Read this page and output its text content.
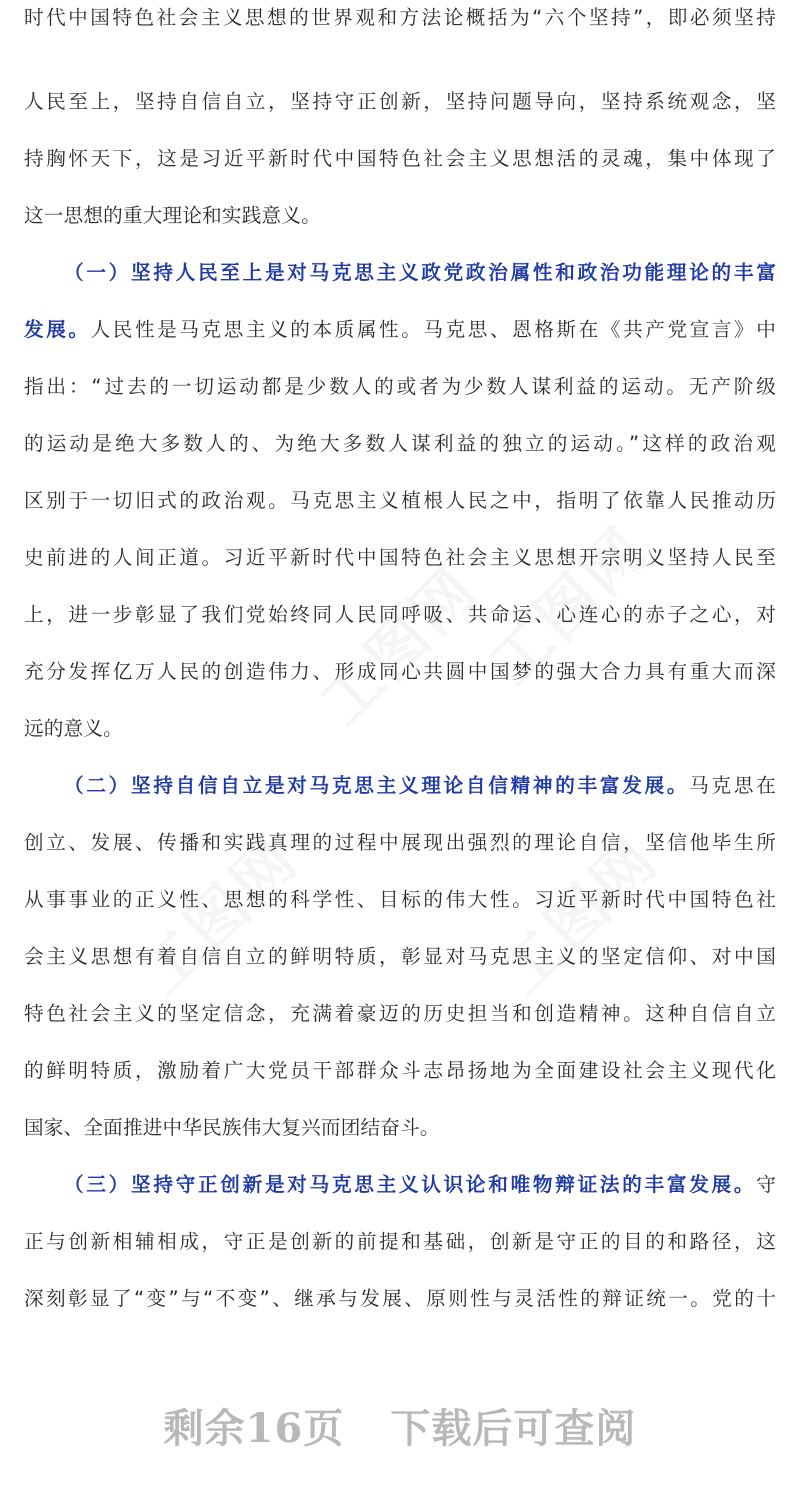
工图网
工图网
工图网	工图网
时代中国特色社会主义思想的世界观和方法论概括为“六个坚持”，即必须坚持
人民至上，坚持自信自立，坚持守正创新，坚持问题导向，坚持系统观念，坚
持胸怀天下，这是习近平新时代中国特色社会主义思想活的灵魂，集中体现了
这一思想的重大理论和实践意义。
（一）坚持人民至上是对马克思主义政党政治属性和政治功能理论的丰富
发展。人民性是马克思主义的本质属性。马克思、恩格斯在《共产党宣言》中
指出：“过去的一切运动都是少数人的或者为少数人谋利益的运动。无产阶级
的运动是绝大多数人的、为绝大多数人谋利益的独立的运动。”这样的政治观
区别于一切旧式的政治观。马克思主义植根人民之中，指明了依靠人民推动历
史前进的人间正道。习近平新时代中国特色社会主义思想开宗明义坚持人民至
上，进一步彰显了我们党始终同人民同呼吸、共命运、心连心的赤子之心，对
充分发挥亿万人民的创造伟力、形成同心共圆中国梦的强大合力具有重大而深
远的意义。
（二）坚持自信自立是对马克思主义理论自信精神的丰富发展。马克思在
创立、发展、传播和实践真理的过程中展现出强烈的理论自信，坚信他毕生所
从事事业的正义性、思想的科学性、目标的伟大性。习近平新时代中国特色社
会主义思想有着自信自立的鲜明特质，彰显对马克思主义的坚定信仰、对中国
特色社会主义的坚定信念，充满着豪迈的历史担当和创造精神。这种自信自立
的鲜明特质，激励着广大党员干部群众斗志昂扬地为全面建设社会主义现代化
国家、全面推进中华民族伟大复兴而团结奋斗。
（三）坚持守正创新是对马克思主义认识论和唯物辩证法的丰富发展。守
正与创新相辅相成，守正是创新的前提和基础，创新是守正的目的和路径，这
深刻彰显了“变”与“不变”、继承与发展、原则性与灵活性的辩证统一。党的十
剩余16页 下载后可查阅
